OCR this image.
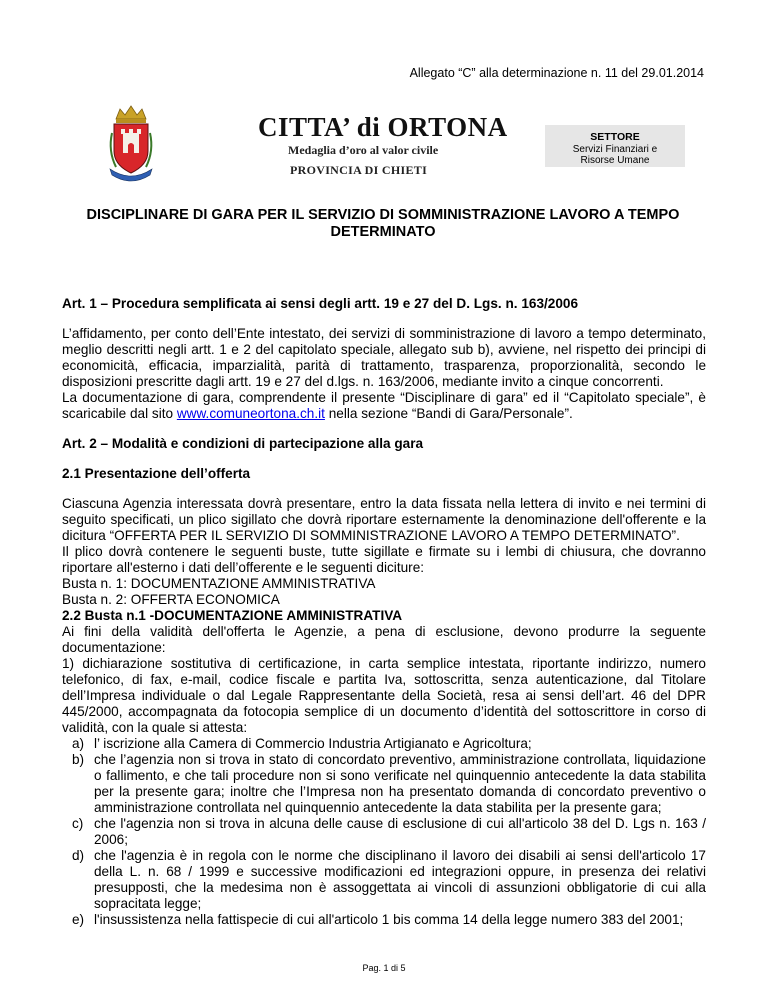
Allegato “C” alla determinazione n. 11 del 29.01.2014
CITTA’ di ORTONA
Medaglia d’oro al valor civile
PROVINCIA DI CHIETI
SETTORE
Servizi Finanziari e
Risorse Umane
DISCIPLINARE DI GARA PER IL SERVIZIO DI SOMMINISTRAZIONE LAVORO A TEMPO
DETERMINATO

Art. 1 – Procedura semplificata ai sensi degli artt. 19 e 27 del D. Lgs. n. 163/2006

L’affidamento, per conto dell’Ente intestato, dei servizi di somministrazione di lavoro a tempo determinato, meglio descritti negli artt. 1 e 2 del capitolato speciale, allegato sub b), avviene, nel rispetto dei principi di economicità, efficacia, imparzialità, parità di trattamento, trasparenza, proporzionalità, secondo le disposizioni prescritte dagli artt. 19 e 27 del d.lgs. n. 163/2006, mediante invito a cinque concorrenti.

La documentazione di gara, comprendente il presente “Disciplinare di gara” ed il “Capitolato speciale”, è scaricabile dal sito www.comuneortona.ch.it nella sezione “Bandi di Gara/Personale”.

Art. 2 – Modalità e condizioni di partecipazione alla gara

2.1 Presentazione dell’offerta

Ciascuna Agenzia interessata dovrà presentare, entro la data fissata nella lettera di invito e nei termini di seguito specificati, un plico sigillato che dovrà riportare esternamente la denominazione dell'offerente e la dicitura “OFFERTA PER IL SERVIZIO DI SOMMINISTRAZIONE LAVORO A TEMPO DETERMINATO”.

Il plico dovrà contenere le seguenti buste, tutte sigillate e firmate su i lembi di chiusura, che dovranno riportare all'esterno i dati dell’offerente e le seguenti diciture:

Busta n. 1: DOCUMENTAZIONE AMMINISTRATIVA

Busta n. 2: OFFERTA ECONOMICA

2.2 Busta n.1 -DOCUMENTAZIONE AMMINISTRATIVA

Ai fini della validità dell'offerta le Agenzie, a pena di esclusione, devono produrre la seguente documentazione:

1) dichiarazione sostitutiva di certificazione, in carta semplice intestata, riportante indirizzo, numero telefonico, di fax, e-mail, codice fiscale e partita Iva, sottoscritta, senza autenticazione, dal Titolare dell’Impresa individuale o dal Legale Rappresentante della Società, resa ai sensi dell’art. 46 del DPR 445/2000, accompagnata da fotocopia semplice di un documento d’identità del sottoscrittore in corso di validità, con la quale si attesta:

a) l’ iscrizione alla Camera di Commercio Industria Artigianato e Agricoltura;
b) che l’agenzia non si trova in stato di concordato preventivo, amministrazione controllata, liquidazione o fallimento, e che tali procedure non si sono verificate nel quinquennio antecedente la data stabilita per la presente gara; inoltre che l’Impresa non ha presentato domanda di concordato preventivo o amministrazione controllata nel quinquennio antecedente la data stabilita per la presente gara;
c) che l'agenzia non si trova in alcuna delle cause di esclusione di cui all'articolo 38 del D. Lgs n. 163 / 2006;
d) che l'agenzia è in regola con le norme che disciplinano il lavoro dei disabili ai sensi dell'articolo 17 della L. n. 68 / 1999 e successive modificazioni ed integrazioni oppure, in presenza dei relativi presupposti, che la medesima non è assoggettata ai vincoli di assunzioni obbligatorie di cui alla sopracitata legge;
e) l'insussistenza nella fattispecie di cui all'articolo 1 bis comma 14 della legge numero 383 del 2001;
Pag. 1 di 5
